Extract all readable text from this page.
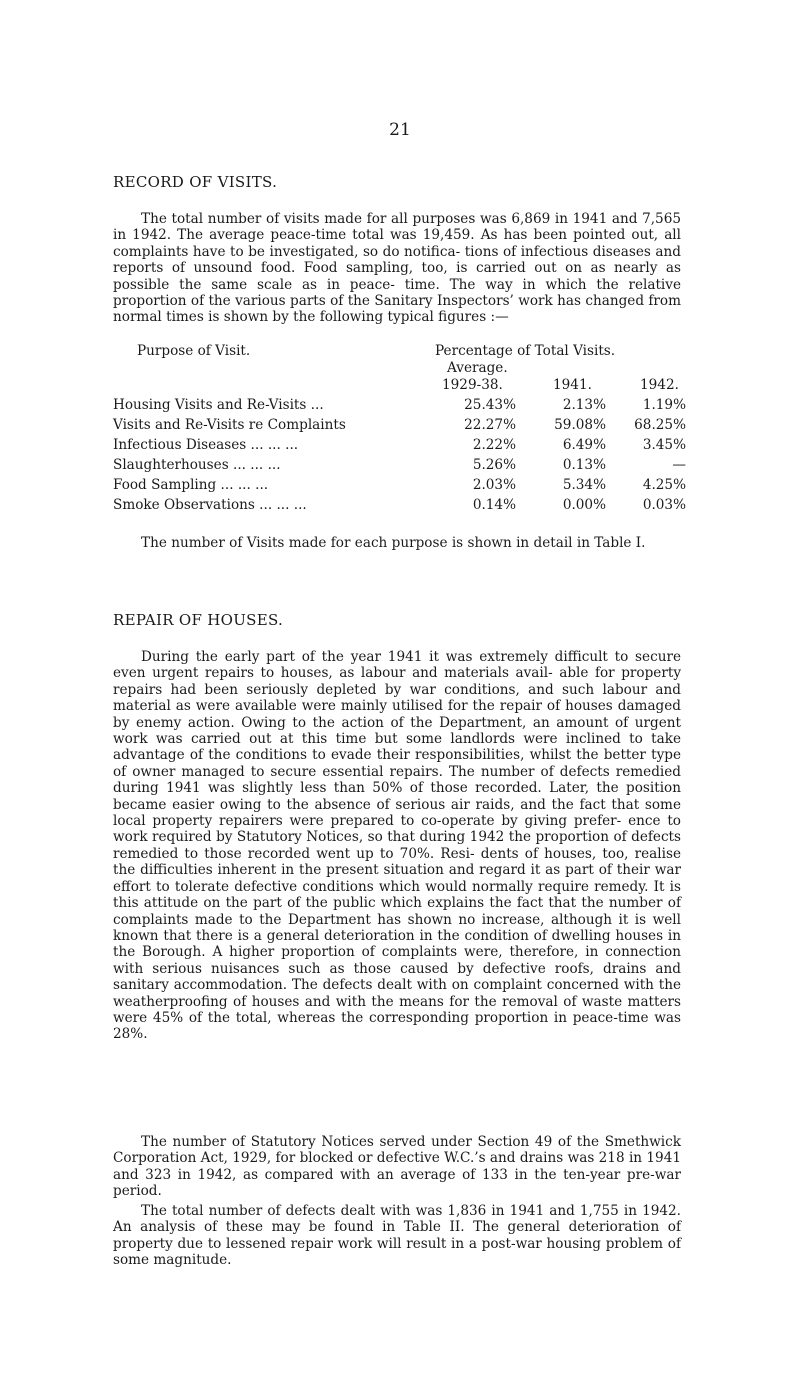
21
RECORD OF VISITS.
The total number of visits made for all purposes was 6,869 in 1941 and 7,565 in 1942. The average peace-time total was 19,459. As has been pointed out, all complaints have to be investigated, so do notifica- tions of infectious diseases and reports of unsound food. Food sampling, too, is carried out on as nearly as possible the same scale as in peace- time. The way in which the relative proportion of the various parts of the Sanitary Inspectors’ work has changed from normal times is shown by the following typical figures :—
Purpose of Visit.	Percentage of Total Visits.
Average.
1929-38.	1941.	1942.
Housing Visits and Re-Visits ...	25.43%	2.13%	1.19%
Visits and Re-Visits re Complaints	22.27%	59.08%	68.25%
Infectious Diseases ... ... ...	2.22%	6.49%	3.45%
Slaughterhouses ... ... ...	5.26%	0.13%	—
Food Sampling ... ... ...	2.03%	5.34%	4.25%
Smoke Observations ... ... ...	0.14%	0.00%	0.03%
The number of Visits made for each purpose is shown in detail in Table I.
REPAIR OF HOUSES.
During the early part of the year 1941 it was extremely difficult to secure even urgent repairs to houses, as labour and materials avail- able for property repairs had been seriously depleted by war conditions, and such labour and material as were available were mainly utilised for the repair of houses damaged by enemy action. Owing to the action of the Department, an amount of urgent work was carried out at this time but some landlords were inclined to take advantage of the conditions to evade their responsibilities, whilst the better type of owner managed to secure essential repairs. The number of defects remedied during 1941 was slightly less than 50% of those recorded. Later, the position became easier owing to the absence of serious air raids, and the fact that some local property repairers were prepared to co-operate by giving prefer- ence to work required by Statutory Notices, so that during 1942 the proportion of defects remedied to those recorded went up to 70%. Resi- dents of houses, too, realise the difficulties inherent in the present situation and regard it as part of their war effort to tolerate defective conditions which would normally require remedy. It is this attitude on the part of the public which explains the fact that the number of complaints made to the Department has shown no increase, although it is well known that there is a general deterioration in the condition of dwelling houses in the Borough. A higher proportion of complaints were, therefore, in connection with serious nuisances such as those caused by defective roofs, drains and sanitary accommodation. The defects dealt with on complaint concerned with the weatherproofing of houses and with the means for the removal of waste matters were 45% of the total, whereas the corresponding proportion in peace-time was 28%.
The number of Statutory Notices served under Section 49 of the Smethwick Corporation Act, 1929, for blocked or defective W.C.’s and drains was 218 in 1941 and 323 in 1942, as compared with an average of 133 in the ten-year pre-war period.
The total number of defects dealt with was 1,836 in 1941 and 1,755 in 1942. An analysis of these may be found in Table II. The general deterioration of property due to lessened repair work will result in a post-war housing problem of some magnitude.
